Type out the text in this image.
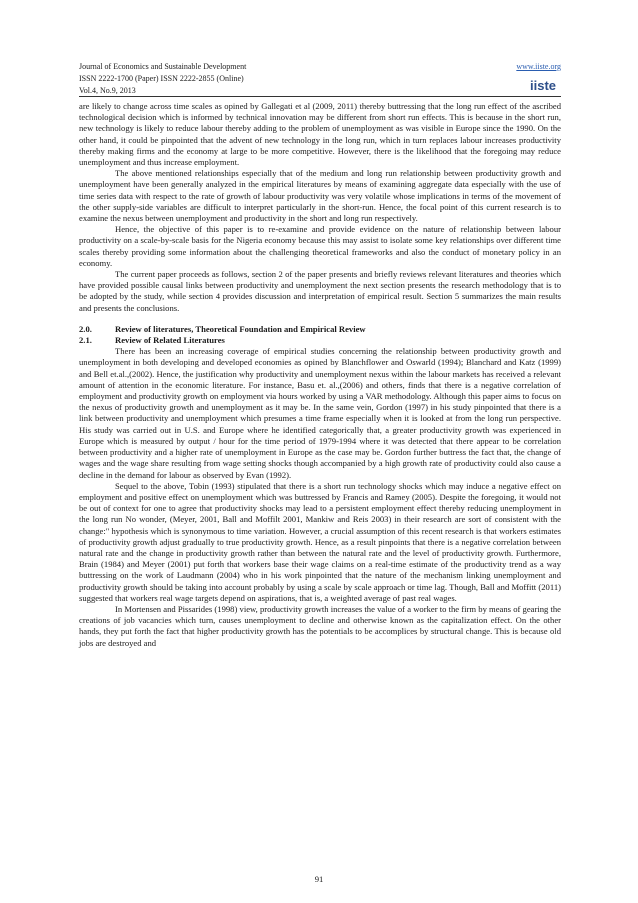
Journal of Economics and Sustainable Development
ISSN 2222-1700 (Paper) ISSN 2222-2855 (Online)
Vol.4, No.9, 2013
www.iiste.org
iiste

are likely to change across time scales as opined by Gallegati et al (2009, 2011) thereby buttressing that the long run effect of the ascribed technological decision which is informed by technical innovation may be different from short run effects. This is because in the short run, new technology is likely to reduce labour thereby adding to the problem of unemployment as was visible in Europe since the 1990. On the other hand, it could be pinpointed that the advent of new technology in the long run, which in turn replaces labour increases productivity thereby making firms and the economy at large to be more competitive. However, there is the likelihood that the foregoing may reduce unemployment and thus increase employment.

The above mentioned relationships especially that of the medium and long run relationship between productivity growth and unemployment have been generally analyzed in the empirical literatures by means of examining aggregate data especially with the use of time series data with respect to the rate of growth of labour productivity was very volatile whose implications in terms of the movement of the other supply-side variables are difficult to interpret particularly in the short-run. Hence, the focal point of this current research is to examine the nexus between unemployment and productivity in the short and long run respectively.

Hence, the objective of this paper is to re-examine and provide evidence on the nature of relationship between labour productivity on a scale-by-scale basis for the Nigeria economy because this may assist to isolate some key relationships over different time scales thereby providing some information about the challenging theoretical frameworks and also the conduct of monetary policy in an economy.

The current paper proceeds as follows, section 2 of the paper presents and briefly reviews relevant literatures and theories which have provided possible causal links between productivity and unemployment the next section presents the research methodology that is to be adopted by the study, while section 4 provides discussion and interpretation of empirical result. Section 5 summarizes the main results and presents the conclusions.

2.0.	Review of literatures, Theoretical Foundation and Empirical Review
2.1.	Review of Related Literatures

There has been an increasing coverage of empirical studies concerning the relationship between productivity growth and unemployment in both developing and developed economies as opined by Blanchflower and Oswarld (1994); Blanchard and Katz (1999) and Bell et.al.,(2002). Hence, the justification why productivity and unemployment nexus within the labour markets has received a relevant amount of attention in the economic literature. For instance, Basu et. al.,(2006) and others, finds that there is a negative correlation of employment and productivity growth on employment via hours worked by using a VAR methodology. Although this paper aims to focus on the nexus of productivity growth and unemployment as it may be. In the same vein, Gordon (1997) in his study pinpointed that there is a link between productivity and unemployment which presumes a time frame especially when it is looked at from the long run perspective. His study was carried out in U.S. and Europe where he identified categorically that, a greater productivity growth was experienced in Europe which is measured by output / hour for the time period of 1979-1994 where it was detected that there appear to be correlation between productivity and a higher rate of unemployment in Europe as the case may be. Gordon further buttress the fact that, the change of wages and the wage share resulting from wage setting shocks though accompanied by a high growth rate of productivity could also cause a decline in the demand for labour as observed by Evan (1992).

Sequel to the above, Tobin (1993) stipulated that there is a short run technology shocks which may induce a negative effect on employment and positive effect on unemployment which was buttressed by Francis and Ramey (2005). Despite the foregoing, it would not be out of context for one to agree that productivity shocks may lead to a persistent employment effect thereby reducing unemployment in the long run No wonder, (Meyer, 2001, Ball and Moffilt 2001, Mankiw and Reis 2003) in their research are sort of consistent with the change:" hypothesis which is synonymous to time variation. However, a crucial assumption of this recent research is that workers estimates of productivity growth adjust gradually to true productivity growth. Hence, as a result pinpoints that there is a negative correlation between natural rate and the change in productivity growth rather than between the natural rate and the level of productivity growth. Furthermore, Brain (1984) and Meyer (2001) put forth that workers base their wage claims on a real-time estimate of the productivity trend as a way buttressing on the work of Laudmann (2004) who in his work pinpointed that the nature of the mechanism linking unemployment and productivity growth should be taking into account probably by using a scale by scale approach or time lag. Though, Ball and Moffitt (2011) suggested that workers real wage targets depend on aspirations, that is, a weighted average of past real wages.

In Mortensen and Pissarides (1998) view, productivity growth increases the value of a worker to the firm by means of gearing the creations of job vacancies which turn, causes unemployment to decline and otherwise known as the capitalization effect. On the other hands, they put forth the fact that higher productivity growth has the potentials to be accomplices by structural change. This is because old jobs are destroyed and

91
